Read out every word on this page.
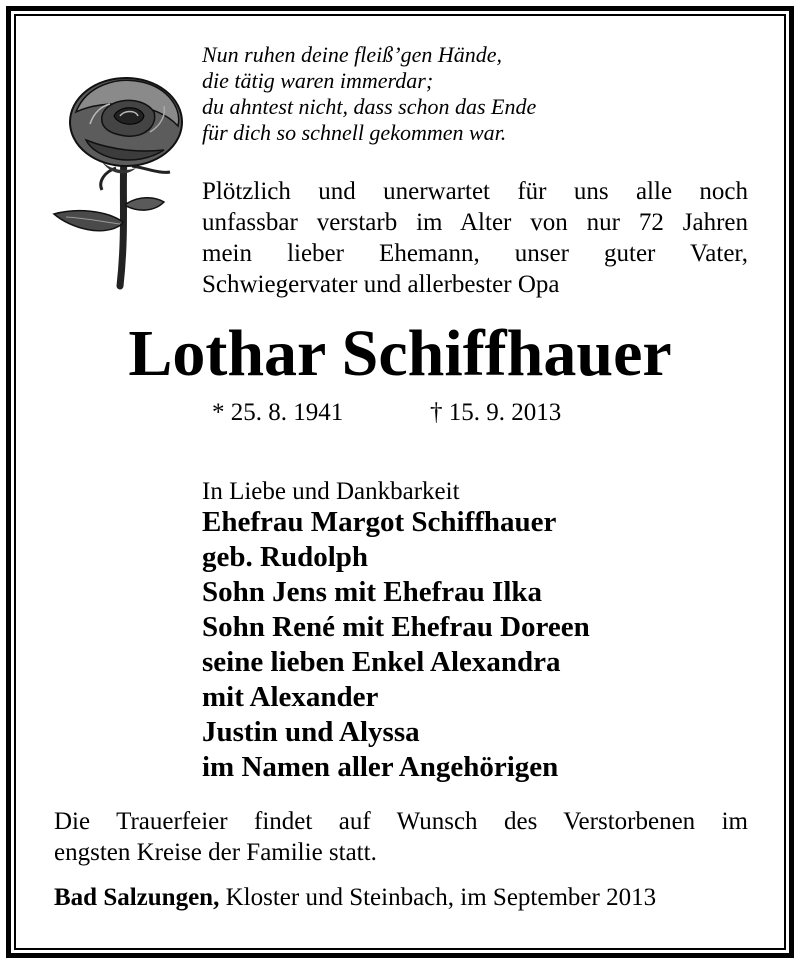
Nun ruhen deine fleiß’gen Hände,
die tätig waren immerdar;
du ahntest nicht, dass schon das Ende
für dich so schnell gekommen war.
Plötzlich und unerwartet für uns alle noch
unfassbar verstarb im Alter von nur 72 Jahren
mein lieber Ehemann, unser guter Vater,
Schwiegervater und allerbester Opa
Lothar Schiffhauer
* 25. 8. 1941	† 15. 9. 2013
In Liebe und Dankbarkeit
Ehefrau Margot Schiffhauer
geb. Rudolph
Sohn Jens mit Ehefrau Ilka
Sohn René mit Ehefrau Doreen
seine lieben Enkel Alexandra
mit Alexander
Justin und Alyssa
im Namen aller Angehörigen
Die Trauerfeier findet auf Wunsch des Verstorbenen im
engsten Kreise der Familie statt.
Bad Salzungen, Kloster und Steinbach, im September 2013
